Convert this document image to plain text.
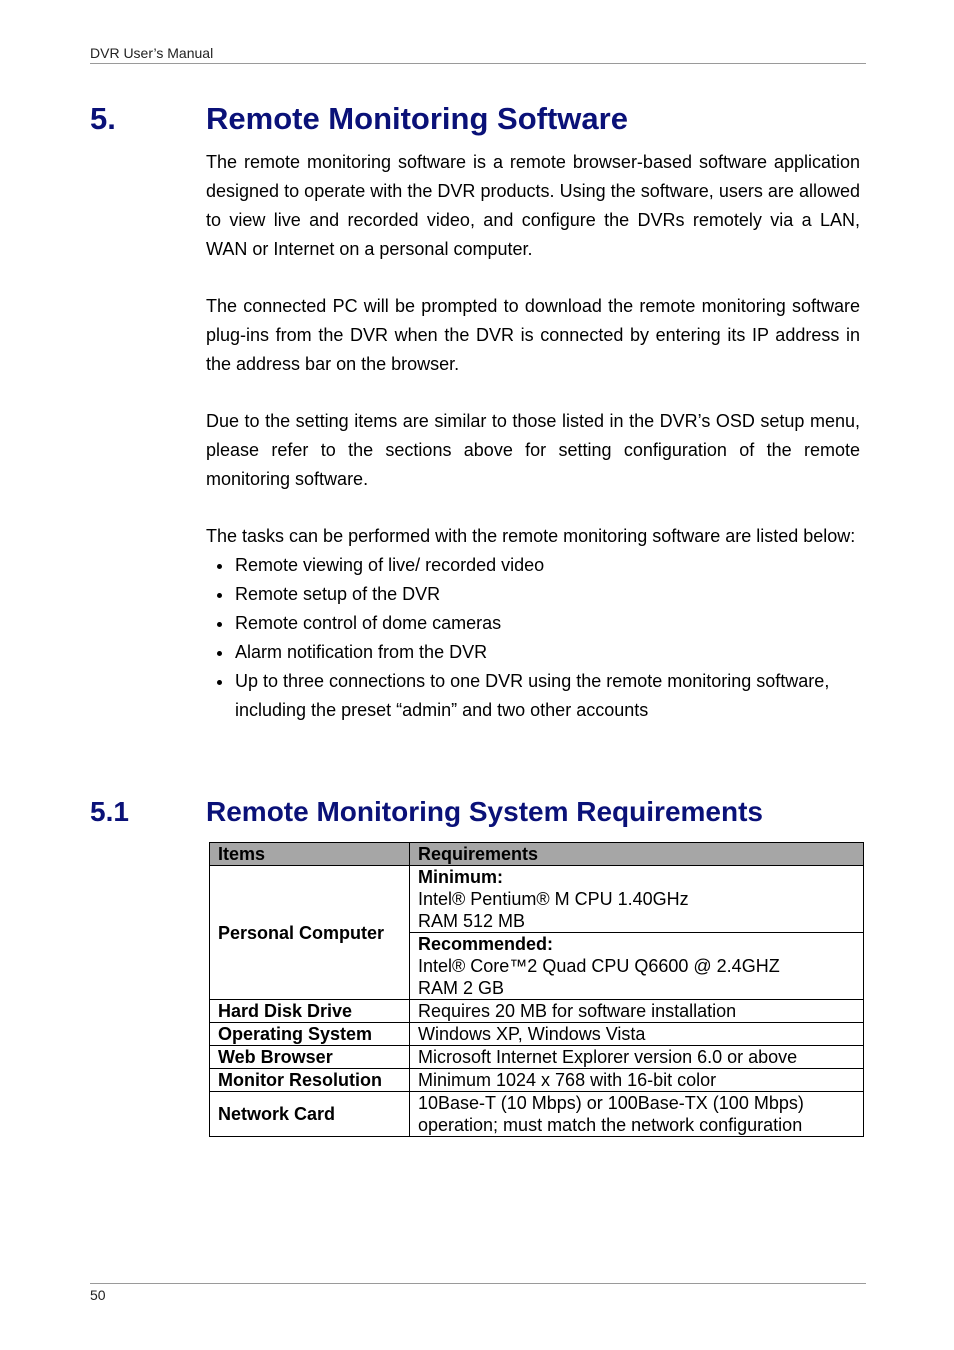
DVR User’s Manual
5.	Remote Monitoring Software

The remote monitoring software is a remote browser-based software application designed to operate with the DVR products. Using the software, users are allowed to view live and recorded video, and configure the DVRs remotely via a LAN, WAN or Internet on a personal computer.

The connected PC will be prompted to download the remote monitoring software plug-ins from the DVR when the DVR is connected by entering its IP address in the address bar on the browser.

Due to the setting items are similar to those listed in the DVR’s OSD setup menu, please refer to the sections above for setting configuration of the remote monitoring software.

The tasks can be performed with the remote monitoring software are listed below:

Remote viewing of live/ recorded video
Remote setup of the DVR
Remote control of dome cameras
Alarm notification from the DVR
Up to three connections to one DVR using the remote monitoring software, including the preset “admin” and two other accounts
5.1	Remote Monitoring System Requirements
Items	Requirements
Personal Computer	Minimum:
Intel® Pentium® M CPU 1.40GHz
RAM 512 MB

	Recommended:
Intel® Core™2 Quad CPU Q6600 @ 2.4GHZ
RAM 2 GB

Hard Disk Drive	Requires 20 MB for software installation
Operating System	Windows XP, Windows Vista
Web Browser	Microsoft Internet Explorer version 6.0 or above
Monitor Resolution	Minimum 1024 x 768 with 16-bit color
Network Card	10Base-T (10 Mbps) or 100Base-TX (100 Mbps)
operation; must match the network configuration
50
